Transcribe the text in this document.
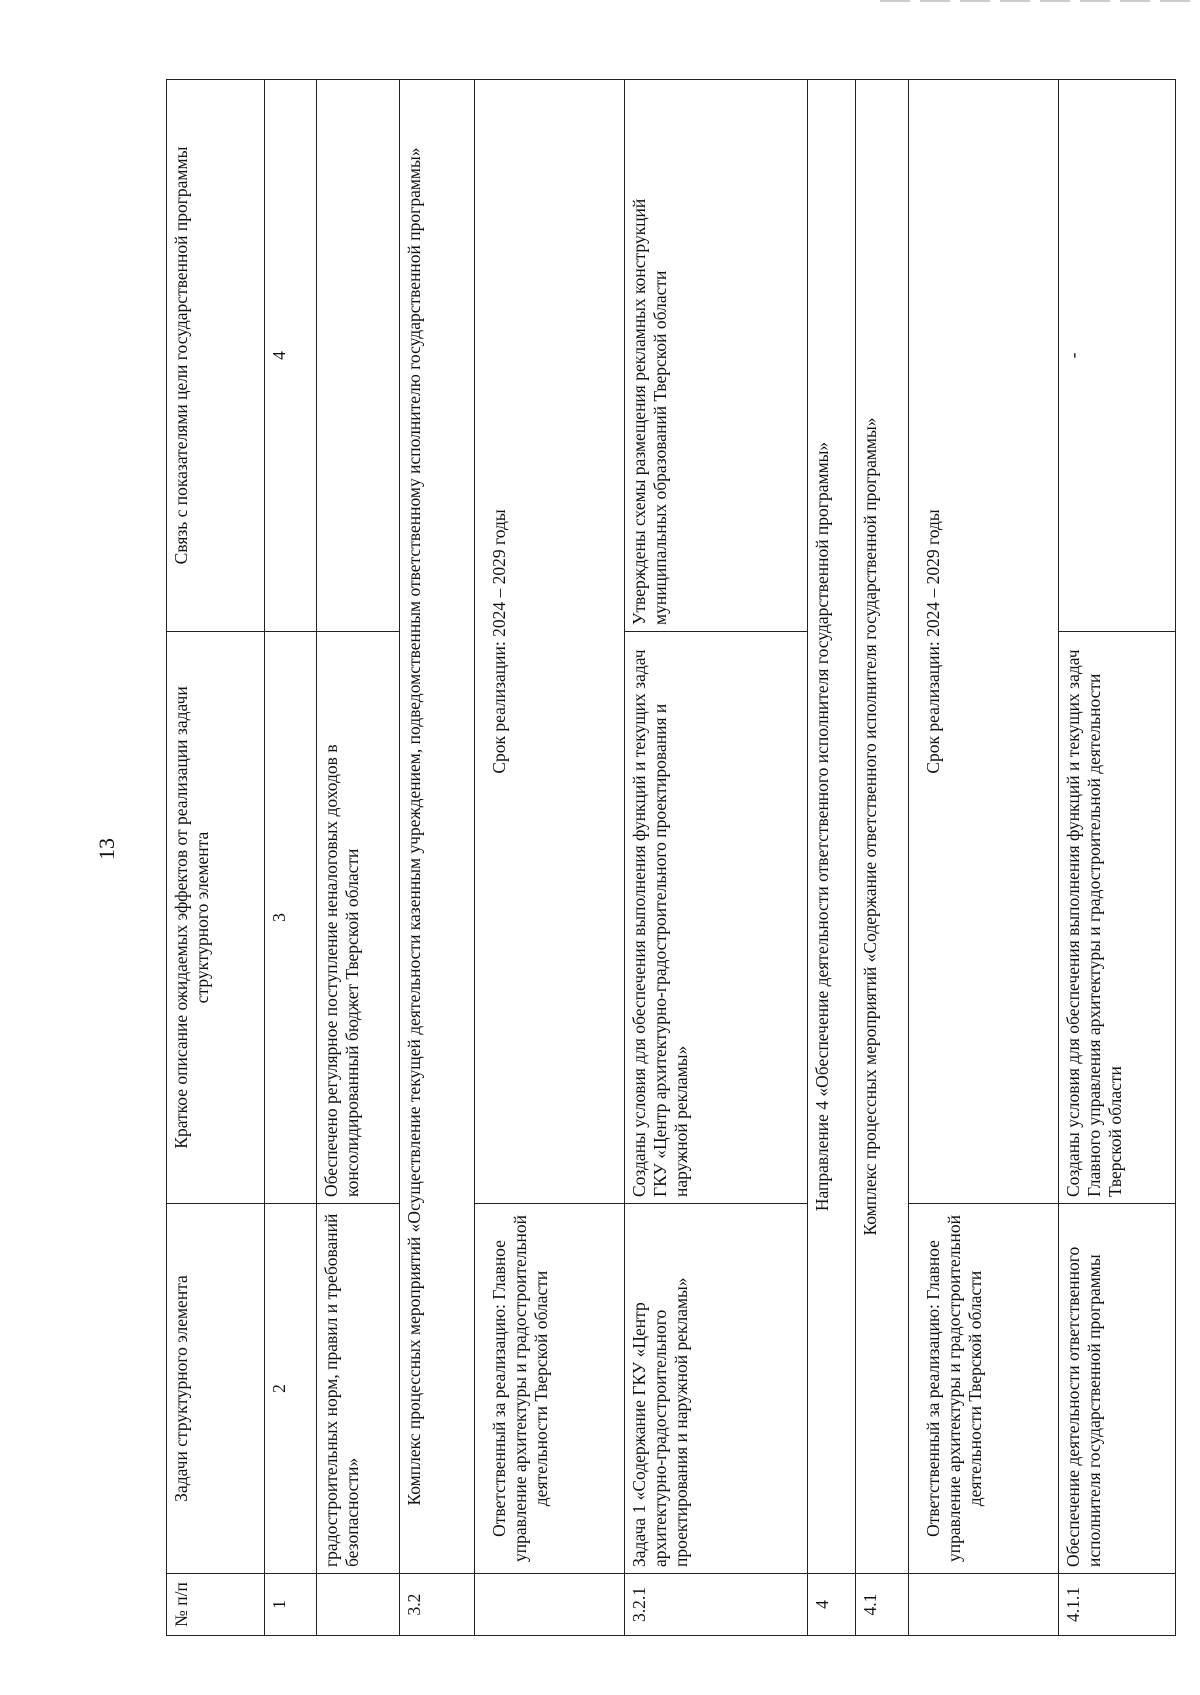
13
№ п/п	Задачи структурного элемента	Краткое описание ожидаемых эффектов от реализации задачи структурного элемента	Связь с показателями цели государственной программы
1	2	3	4
	градостроительных норм, правил и требований безопасности»	Обеспечено регулярное поступление неналоговых доходов в консолидированный бюджет Тверской области	
3.2	Комплекс процессных мероприятий «Осуществление текущей деятельности казенным учреждением, подведомственным ответственному исполнителю государственной программы»		
	Ответственный за реализацию: Главное управление архитектуры и градостроительной деятельности Тверской области	Срок реализации: 2024 – 2029 годы	
3.2.1	Задача 1 «Содержание ГКУ «Центр архитектурно-градостроительного проектирования и наружной рекламы»	Созданы условия для обеспечения выполнения функций и текущих задач ГКУ «Центр архитектурно-градостроительного проектирования и наружной рекламы»	Утверждены схемы размещения рекламных конструкций муниципальных образований Тверской области
4	Направление 4 «Обеспечение деятельности ответственного исполнителя государственной программы»		
4.1	Комплекс процессных мероприятий «Содержание ответственного исполнителя государственной программы»		
	Ответственный за реализацию: Главное управление архитектуры и градостроительной деятельности Тверской области	Срок реализации: 2024 – 2029 годы	
4.1.1	Обеспечение деятельности ответственного исполнителя государственной программы	Созданы условия для обеспечения выполнения функций и текущих задач Главного управления архитектуры и градостроительной деятельности Тверской области	-
